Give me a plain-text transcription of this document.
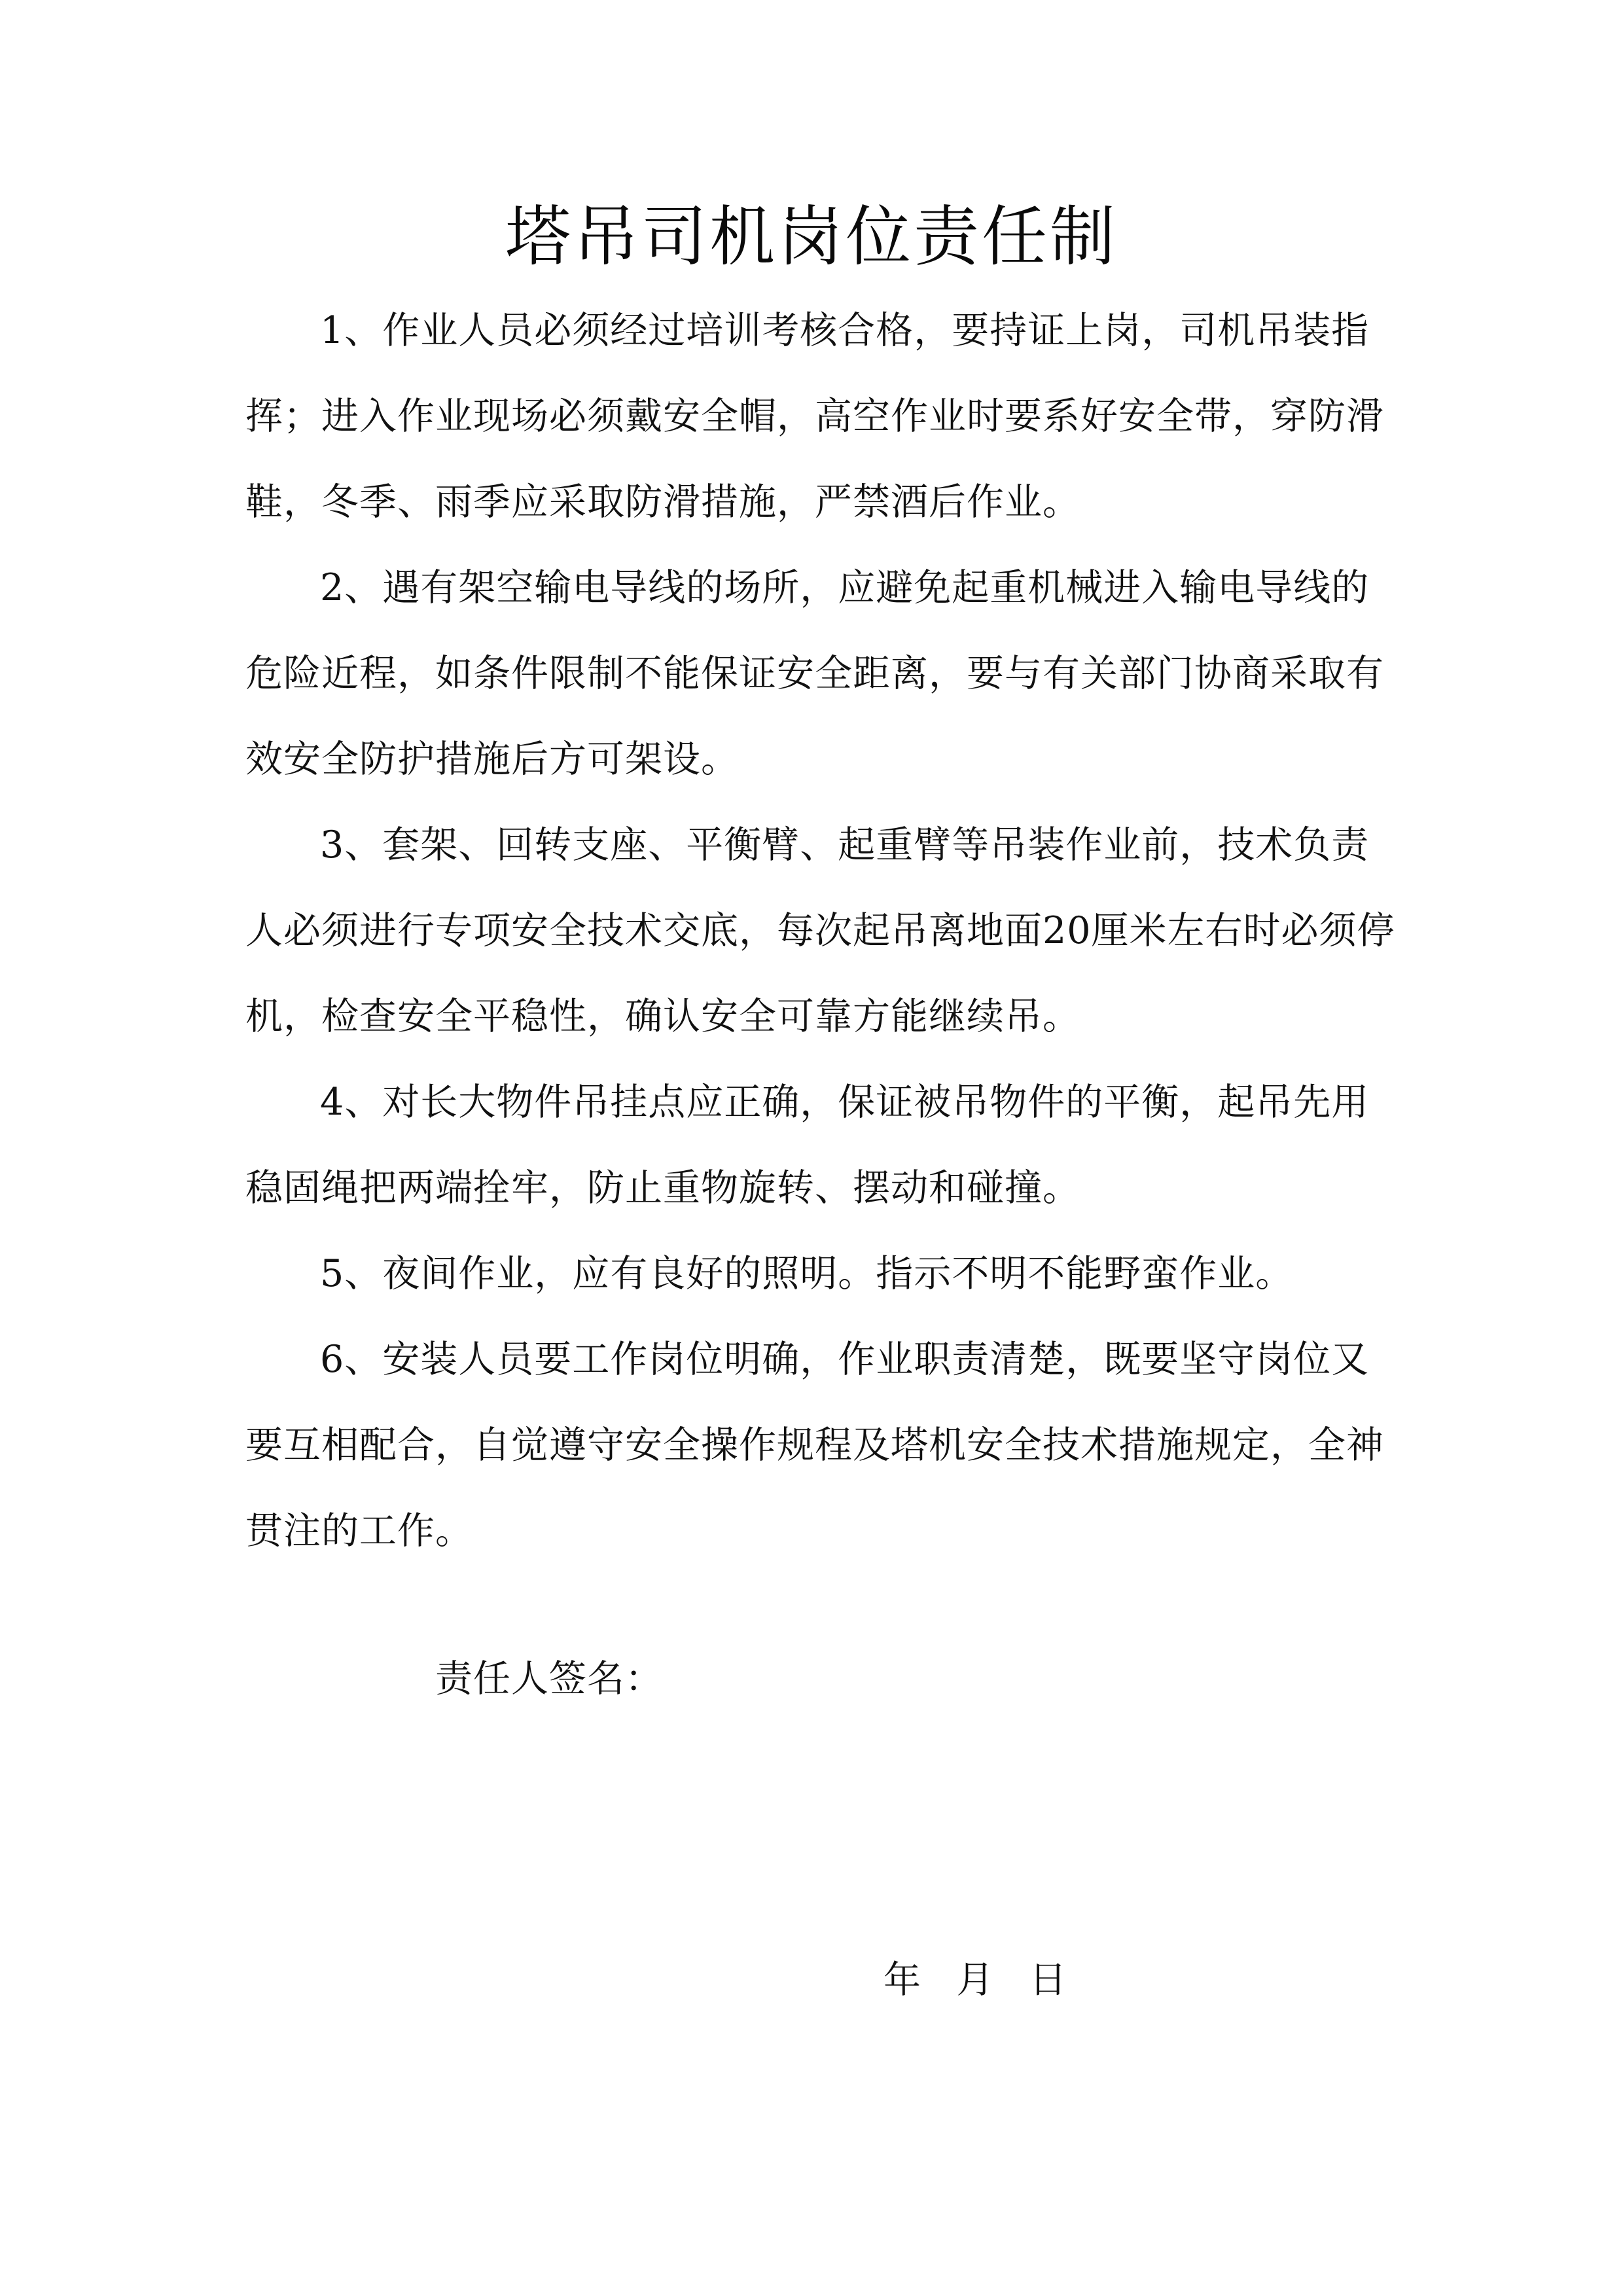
塔吊司机岗位责任制

1、作业人员必须经过培训考核合格，要持证上岗，司机吊装指挥；进入作业现场必须戴安全帽，高空作业时要系好安全带，穿防滑鞋，冬季、雨季应采取防滑措施，严禁酒后作业。

2、遇有架空输电导线的场所，应避免起重机械进入输电导线的危险近程，如条件限制不能保证安全距离，要与有关部门协商采取有效安全防护措施后方可架设。

3、套架、回转支座、平衡臂、起重臂等吊装作业前，技术负责人必须进行专项安全技术交底，每次起吊离地面20厘米左右时必须停机，检查安全平稳性，确认安全可靠方能继续吊。

4、对长大物件吊挂点应正确，保证被吊物件的平衡，起吊先用稳固绳把两端拴牢，防止重物旋转、摆动和碰撞。

5、夜间作业，应有良好的照明。指示不明不能野蛮作业。

6、安装人员要工作岗位明确，作业职责清楚，既要坚守岗位又要互相配合，自觉遵守安全操作规程及塔机安全技术措施规定，全神贯注的工作。

责任人签名：
年   月   日
